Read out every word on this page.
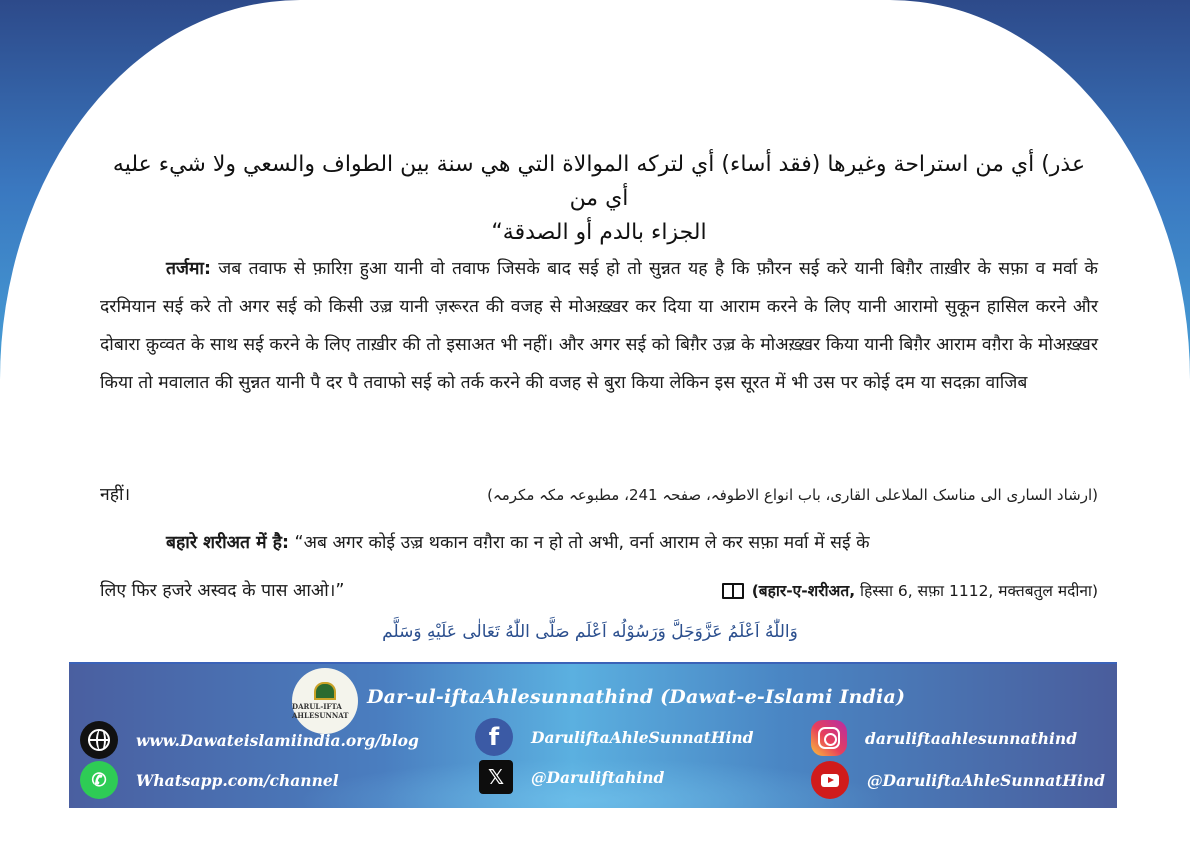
عذر) أي من استراحة وغيرها (فقد أساء) أي لتركه الموالاة التي هي سنة بين الطواف والسعي ولا شيء عليه أي من
الجزاء بالدم أو الصدقة“
तर्जमा: जब तवाफ से फ़ारिग़ हुआ यानी वो तवाफ जिसके बाद सई हो तो सुन्नत यह है कि फ़ौरन सई करे यानी बिग़ैर ताख़ीर के सफ़ा व मर्वा के दरमियान सई करे तो अगर सई को किसी उज़्र यानी ज़रूरत की वजह से मोअख़्ख़र कर दिया या आराम करने के लिए यानी आरामो सुकून हासिल करने और दोबारा क़ुव्वत के साथ सई करने के लिए ताख़ीर की तो इसाअत भी नहीं। और अगर सई को बिग़ैर उज़्र के मोअख़्ख़र किया यानी बिग़ैर आराम वग़ैरा के मोअख़्ख़र किया तो मवालात की सुन्नत यानी पै दर पै तवाफो सई को तर्क करने की वजह से बुरा किया लेकिन इस सूरत में भी उस पर कोई दम या सदक़ा वाजिब
नहीं।	(ارشاد الساری الی مناسک الملاعلی القاری، باب انواع الاطوفہ، صفحہ 241، مطبوعہ مکہ مکرمہ)
बहारे शरीअत में है: “अब अगर कोई उज़्र थकान वग़ैरा का न हो तो अभी, वर्ना आराम ले कर सफ़ा मर्वा में सई के
लिए फिर हजरे अस्वद के पास आओ।”	(बहार-ए-शरीअत, हिस्सा 6, सफ़ा 1112, मक्तबतुल मदीना)
وَاللّٰهُ اَعْلَمُ عَزَّوَجَلَّ وَرَسُوْلُه اَعْلَم صَلَّى اللّٰهُ تَعَالٰى عَلَيْهِ وَسَلَّم
DARUL-IFTA AHLESUNNAT
Dar-ul-iftaAhlesunnathind (Dawat-e-Islami India)
www.Dawateislamiindia.org/blog
✆	Whatsapp.com/channel
f	DaruliftaAhleSunnatHind
𝕏	@Daruliftahind
daruliftaahlesunnathind
@DaruliftaAhleSunnatHind
